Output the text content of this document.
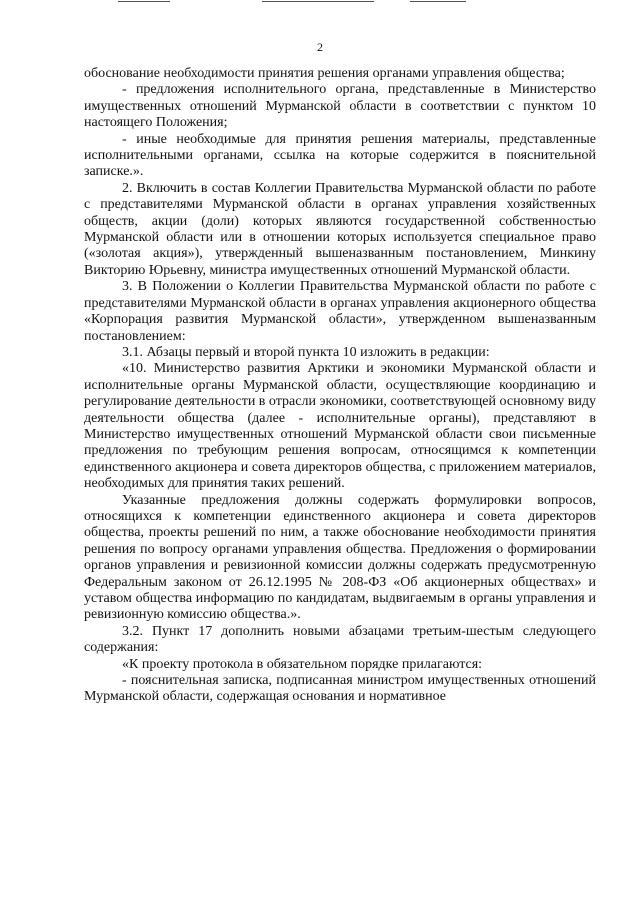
2

обоснование необходимости принятия решения органами управления общества;

- предложения исполнительного органа, представленные в Министерство имущественных отношений Мурманской области в соответствии с пунктом 10 настоящего Положения;

- иные необходимые для принятия решения материалы, представленные исполнительными органами, ссылка на которые содержится в пояснительной записке.».

2. Включить в состав Коллегии Правительства Мурманской области по работе с представителями Мурманской области в органах управления хозяйственных обществ, акции (доли) которых являются государственной собственностью Мурманской области или в отношении которых используется специальное право («золотая акция»), утвержденный вышеназванным постановлением, Минкину Викторию Юрьевну, министра имущественных отношений Мурманской области.

3. В Положении о Коллегии Правительства Мурманской области по работе с представителями Мурманской области в органах управления акционерного общества «Корпорация развития Мурманской области», утвержденном вышеназванным постановлением:

3.1. Абзацы первый и второй пункта 10 изложить в редакции:

«10. Министерство развития Арктики и экономики Мурманской области и исполнительные органы Мурманской области, осуществляющие координацию и регулирование деятельности в отрасли экономики, соответствующей основному виду деятельности общества (далее - исполнительные органы), представляют в Министерство имущественных отношений Мурманской области свои письменные предложения по требующим решения вопросам, относящимся к компетенции единственного акционера и совета директоров общества, с приложением материалов, необходимых для принятия таких решений.

Указанные предложения должны содержать формулировки вопросов, относящихся к компетенции единственного акционера и совета директоров общества, проекты решений по ним, а также обоснование необходимости принятия решения по вопросу органами управления общества. Предложения о формировании органов управления и ревизионной комиссии должны содержать предусмотренную Федеральным законом от 26.12.1995 № 208-ФЗ «Об акционерных обществах» и уставом общества информацию по кандидатам, выдвигаемым в органы управления и ревизионную комиссию общества.».

3.2. Пункт 17 дополнить новыми абзацами третьим-шестым следующего содержания:

«К проекту протокола в обязательном порядке прилагаются:

- пояснительная записка, подписанная министром имущественных отношений Мурманской области, содержащая основания и нормативное
